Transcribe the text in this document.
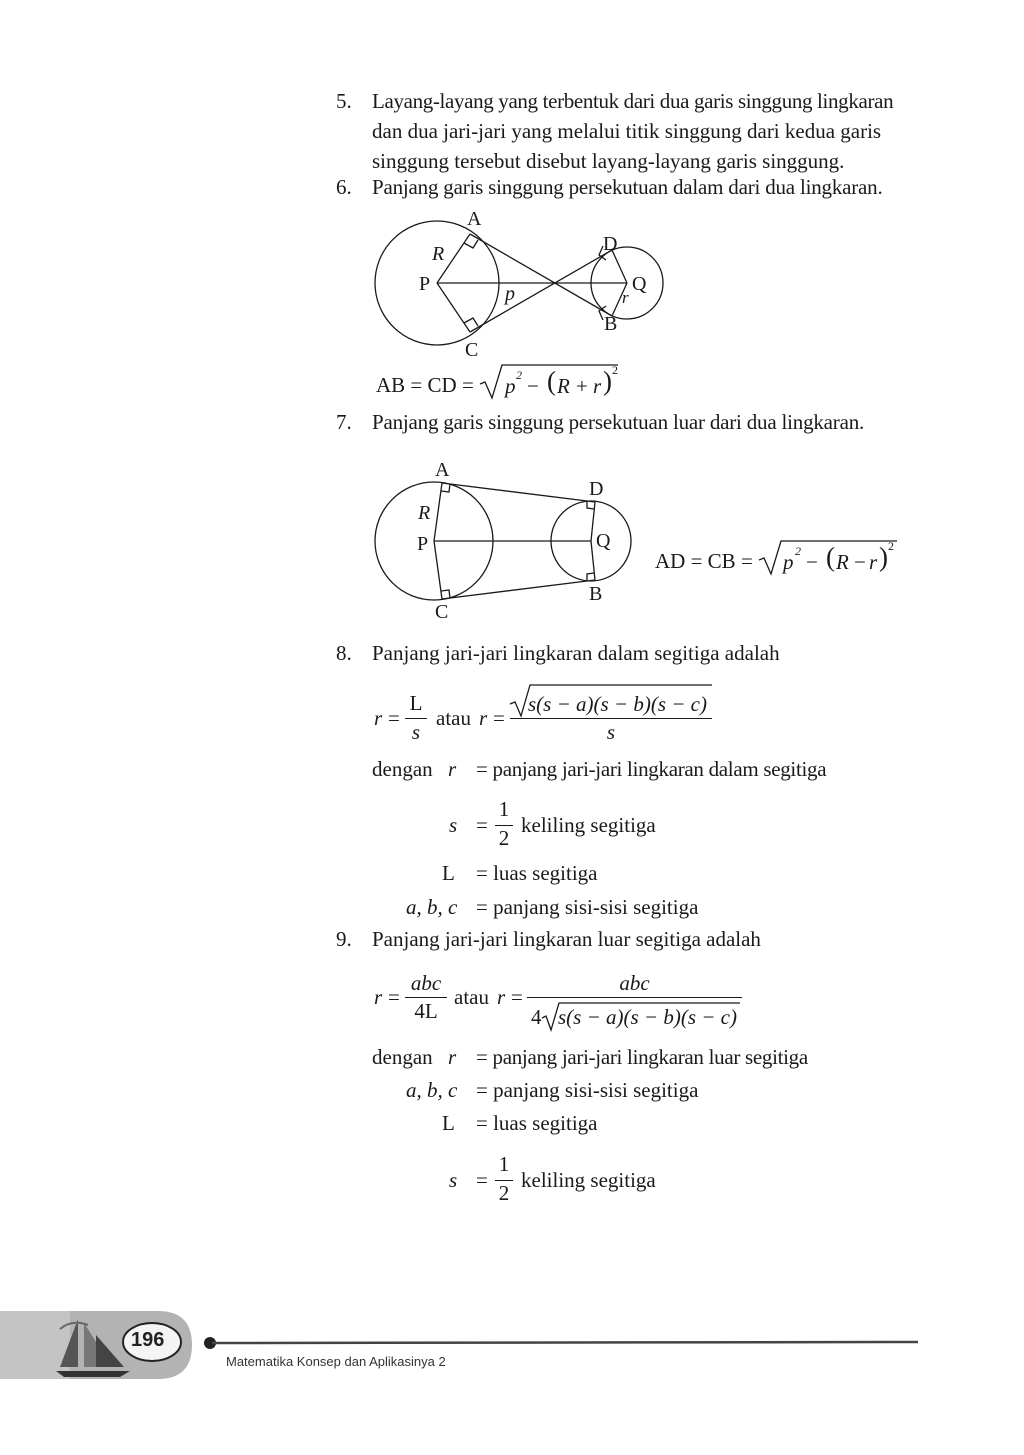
5. Layang-layang yang terbentuk dari dua garis singgung lingkaran
dan dua jari-jari yang melalui titik singgung dari kedua garis
singgung tersebut disebut layang-layang garis singgung.
6. Panjang garis singgung persekutuan dalam dari dua lingkaran.
A
R	D
P	p	Q
r
B
C
AB = CD = p 2 − ( R + r ) 2
7. Panjang garis singgung persekutuan luar dari dua lingkaran.
A
D
R
P	Q
B
C
AD = CB = p 2 − ( R − r ) 2
8. Panjang jari-jari lingkaran dalam segitiga adalah
r =
L
s
atau r =
s(s − a)(s − b)(s − c)
s
dengan r = panjang jari-jari lingkaran dalam segitiga
s =
1
2
keliling segitiga
L = luas segitiga
a, b, c = panjang sisi-sisi segitiga
9. Panjang jari-jari lingkaran luar segitiga adalah
r =
abc
4L
atau r =
abc
4 s(s − a)(s − b)(s − c)
dengan r = panjang jari-jari lingkaran luar segitiga
a, b, c = panjang sisi-sisi segitiga
L = luas segitiga
s =
1
2
keliling segitiga
196
Matematika Konsep dan Aplikasinya 2
